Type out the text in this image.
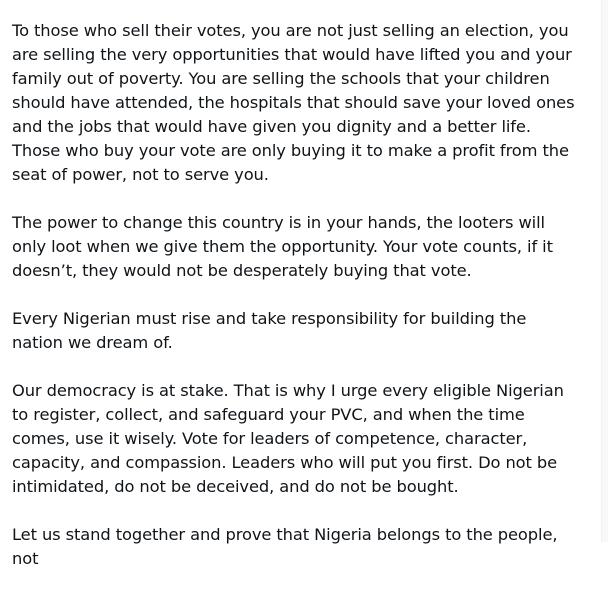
To those who sell their votes, you are not just selling an election, you are selling the very opportunities that would have lifted you and your family out of poverty. You are selling the schools that your children should have attended, the hospitals that should save your loved ones and the jobs that would have given you dignity and a better life. Those who buy your vote are only buying it to make a profit from the seat of power, not to serve you.

The power to change this country is in your hands, the looters will only loot when we give them the opportunity. Your vote counts, if it doesn’t, they would not be desperately buying that vote.

Every Nigerian must rise and take responsibility for building the nation we dream of.

Our democracy is at stake. That is why I urge every eligible Nigerian to register, collect, and safeguard your PVC, and when the time comes, use it wisely. Vote for leaders of competence, character, capacity, and compassion. Leaders who will put you first. Do not be intimidated, do not be deceived, and do not be bought.

Let us stand together and prove that Nigeria belongs to the people, not
